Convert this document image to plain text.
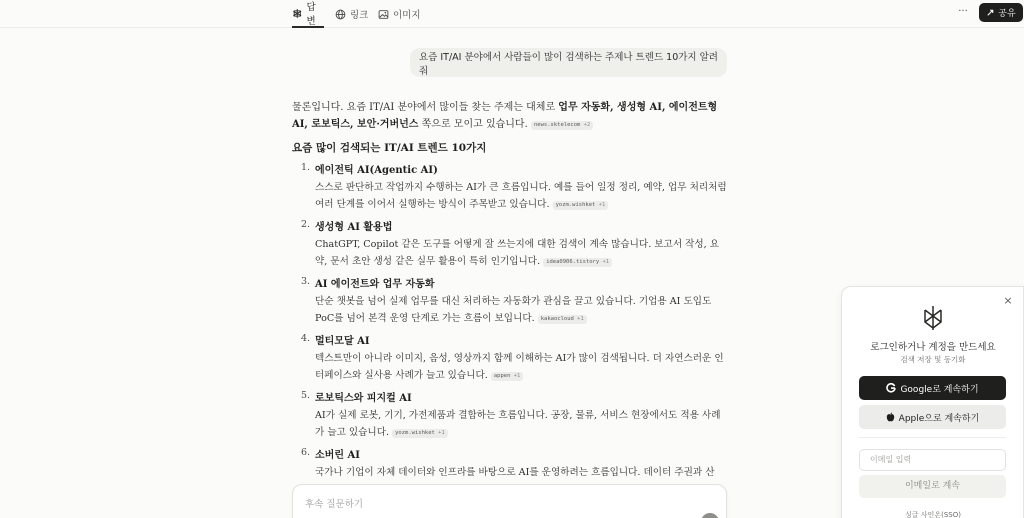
답변
링크	이미지	···	공유
요즘 IT/AI 분야에서 사람들이 많이 검색하는 주제나 트렌드 10가지 알려줘
물론입니다. 요즘 IT/AI 분야에서 많이들 찾는 주제는 대체로 업무 자동화, 생성형 AI, 에이전트형 AI, 로보틱스, 보안·거버넌스 쪽으로 모이고 있습니다. news.sktelecom +2
요즘 많이 검색되는 IT/AI 트렌드 10가지
1. 에이전틱 AI(Agentic AI)
스스로 판단하고 작업까지 수행하는 AI가 큰 흐름입니다. 예를 들어 일정 정리, 예약, 업무 처리처럼 여러 단계를 이어서 실행하는 방식이 주목받고 있습니다. yozm.wishket +1
2. 생성형 AI 활용법
ChatGPT, Copilot 같은 도구를 어떻게 잘 쓰는지에 대한 검색이 계속 많습니다. 보고서 작성, 요약, 문서 초안 생성 같은 실무 활용이 특히 인기입니다. idea0906.tistory +1
3. AI 에이전트와 업무 자동화
단순 챗봇을 넘어 실제 업무를 대신 처리하는 자동화가 관심을 끌고 있습니다. 기업용 AI 도입도 PoC를 넘어 본격 운영 단계로 가는 흐름이 보입니다. kakaocloud +1
4. 멀티모달 AI
텍스트만이 아니라 이미지, 음성, 영상까지 함께 이해하는 AI가 많이 검색됩니다. 더 자연스러운 인터페이스와 실사용 사례가 늘고 있습니다. appen +1
5. 로보틱스와 피지컬 AI
AI가 실제 로봇, 기기, 가전제품과 결합하는 흐름입니다. 공장, 물류, 서비스 현장에서도 적용 사례가 늘고 있습니다. yozm.wishket +1
6. 소버린 AI
국가나 기업이 자체 데이터와 인프라를 바탕으로 AI를 운영하려는 흐름입니다. 데이터 주권과 산
후속 질문하기
×
로그인하거나 계정을 만드세요
검색 저장 및 동기화
Google로 계속하기
Apple으로 계속하기
이메일 입력
이메일로 계속
싱글 사인온(SSO)
